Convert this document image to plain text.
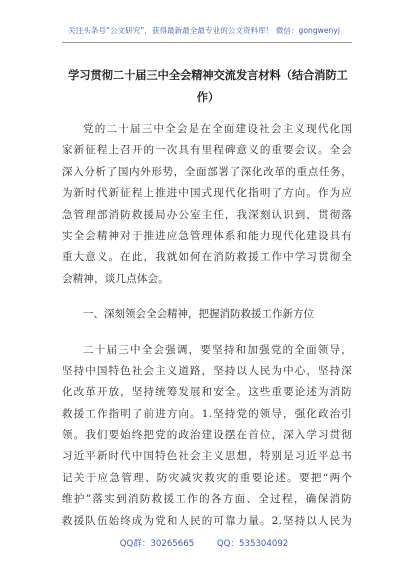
关注头条号“公文研究”，获得最新最全最专业的公文资料库！ 微信：gongwenyj
学习贯彻二十届三中全会精神交流发言材料（结合消防工
作）
党的二十届三中全会是在全面建设社会主义现代化国
家新征程上召开的一次具有里程碑意义的重要会议。全会
深入分析了国内外形势，全面部署了深化改革的重点任务，
为新时代新征程上推进中国式现代化指明了方向。作为应
急管理部消防救援局办公室主任，我深刻认识到，贯彻落
实全会精神对于推进应急管理体系和能力现代化建设具有
重大意义。在此，我就如何在消防救援工作中学习贯彻全
会精神，谈几点体会。
一、深刻领会全会精神，把握消防救援工作新方位
二十届三中全会强调，要坚持和加强党的全面领导，
坚持中国特色社会主义道路，坚持以人民为中心，坚持深
化改革开放，坚持统筹发展和安全。这些重要论述为消防
救援工作指明了前进方向。1.坚持党的领导，强化政治引
领。我们要始终把党的政治建设摆在首位，深入学习贯彻
习近平新时代中国特色社会主义思想，特别是习近平总书
记关于应急管理、防灾减灾救灾的重要论述。要把“两个
维护”落实到消防救援工作的各方面、全过程，确保消防
救援队伍始终成为党和人民的可靠力量。2.坚持以人民为
QQ群：30265665	QQ：535304092
